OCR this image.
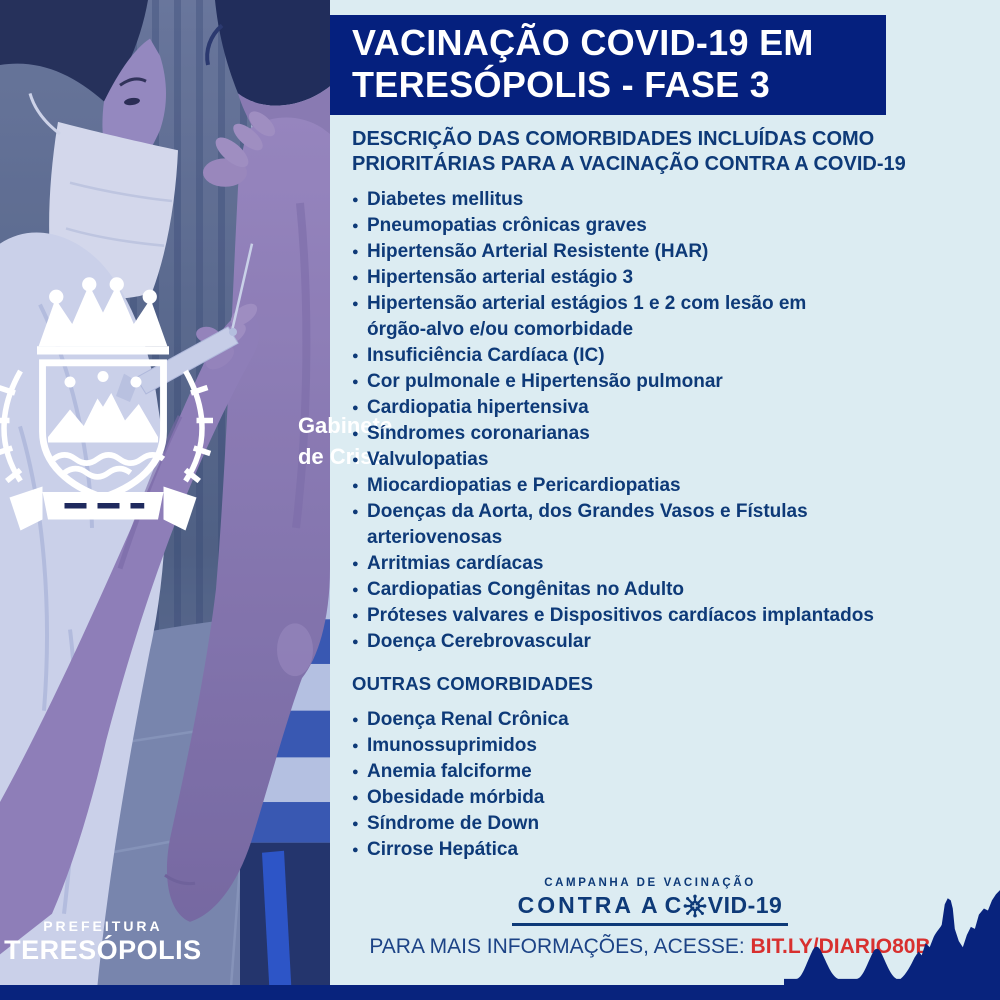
PREFEITURA
TERESÓPOLIS
Gabinete
de Crise
VACINAÇÃO COVID-19 EM
TERESÓPOLIS - FASE 3
DESCRIÇÃO DAS COMORBIDADES INCLUÍDAS COMO
PRIORITÁRIAS PARA A VACINAÇÃO CONTRA A COVID-19
● Diabetes mellitus
● Pneumopatias crônicas graves
● Hipertensão Arterial Resistente (HAR)
● Hipertensão arterial estágio 3
● Hipertensão arterial estágios 1 e 2 com lesão em
órgão-alvo e/ou comorbidade
● Insuficiência Cardíaca (IC)
● Cor pulmonale e Hipertensão pulmonar
● Cardiopatia hipertensiva
● Síndromes coronarianas
● Valvulopatias
● Miocardiopatias e Pericardiopatias
● Doenças da Aorta, dos Grandes Vasos e Fístulas
arteriovenosas
● Arritmias cardíacas
● Cardiopatias Congênitas no Adulto
● Próteses valvares e Dispositivos cardíacos implantados
● Doença Cerebrovascular
OUTRAS COMORBIDADES
● Doença Renal Crônica
● Imunossuprimidos
● Anemia falciforme
● Obesidade mórbida
● Síndrome de Down
● Cirrose Hepática
CAMPANHA DE VACINAÇÃO
CONTRA A C VID-19
PARA MAIS INFORMAÇÕES, ACESSE: BIT.LY/DIARIO80B
